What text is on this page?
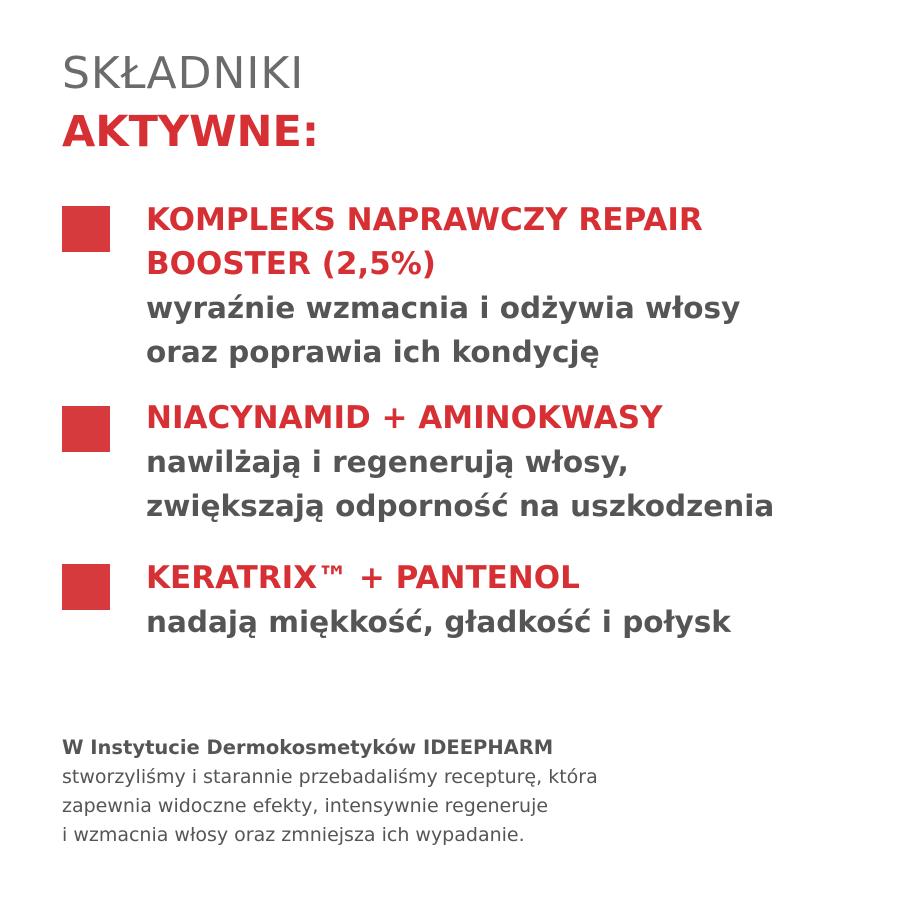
SKŁADNIKI
AKTYWNE:
KOMPLEKS NAPRAWCZY REPAIR
BOOSTER (2,5%)
wyraźnie wzmacnia i odżywia włosy
oraz poprawia ich kondycję
NIACYNAMID + AMINOKWASY
nawilżają i regenerują włosy,
zwiększają odporność na uszkodzenia
KERATRIX™ + PANTENOL
nadają miękkość, gładkość i połysk
W Instytucie Dermokosmetyków IDEEPHARM
stworzyliśmy i starannie przebadaliśmy recepturę, która
zapewnia widoczne efekty, intensywnie regeneruje
i wzmacnia włosy oraz zmniejsza ich wypadanie.
